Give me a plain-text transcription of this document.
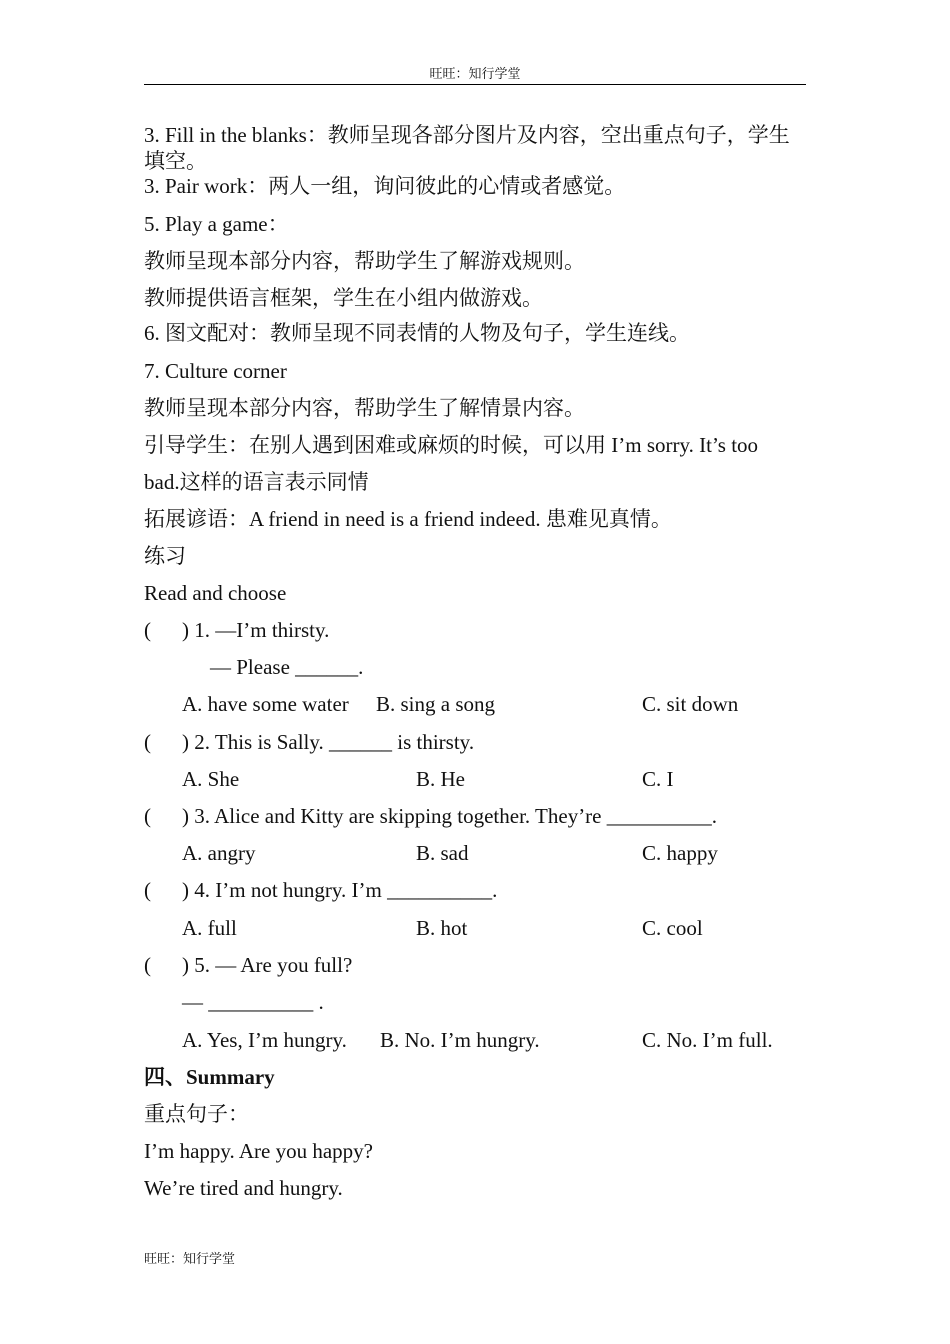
旺旺：知行学堂
3. Fill in the blanks：教师呈现各部分图片及内容，空出重点句子，学生填空。
3. Pair work：两人一组，询问彼此的心情或者感觉。
5. Play a game：
教师呈现本部分内容，帮助学生了解游戏规则。
教师提供语言框架，学生在小组内做游戏。
6. 图文配对：教师呈现不同表情的人物及句子，学生连线。
7. Culture corner
教师呈现本部分内容，帮助学生了解情景内容。
引导学生：在别人遇到困难或麻烦的时候，可以用 I’m sorry. It’s too
bad.这样的语言表示同情
拓展谚语：A friend in need is a friend indeed. 患难见真情。
练习
Read and choose
( ) 1. —I’m thirsty.
— Please ______.
A. have some water B. sing a song	C. sit down
( ) 2. This is Sally. ______ is thirsty.
A. She	B. He	C. I
( ) 3. Alice and Kitty are skipping together. They’re __________.
A. angry	B. sad	C. happy
( ) 4. I’m not hungry. I’m __________.
A. full	B. hot	C. cool
( ) 5. — Are you full?
— __________ .
A. Yes, I’m hungry. B. No. I’m hungry.	C. No. I’m full.
四、Summary
重点句子：
I’m happy. Are you happy?
We’re tired and hungry.
旺旺：知行学堂
